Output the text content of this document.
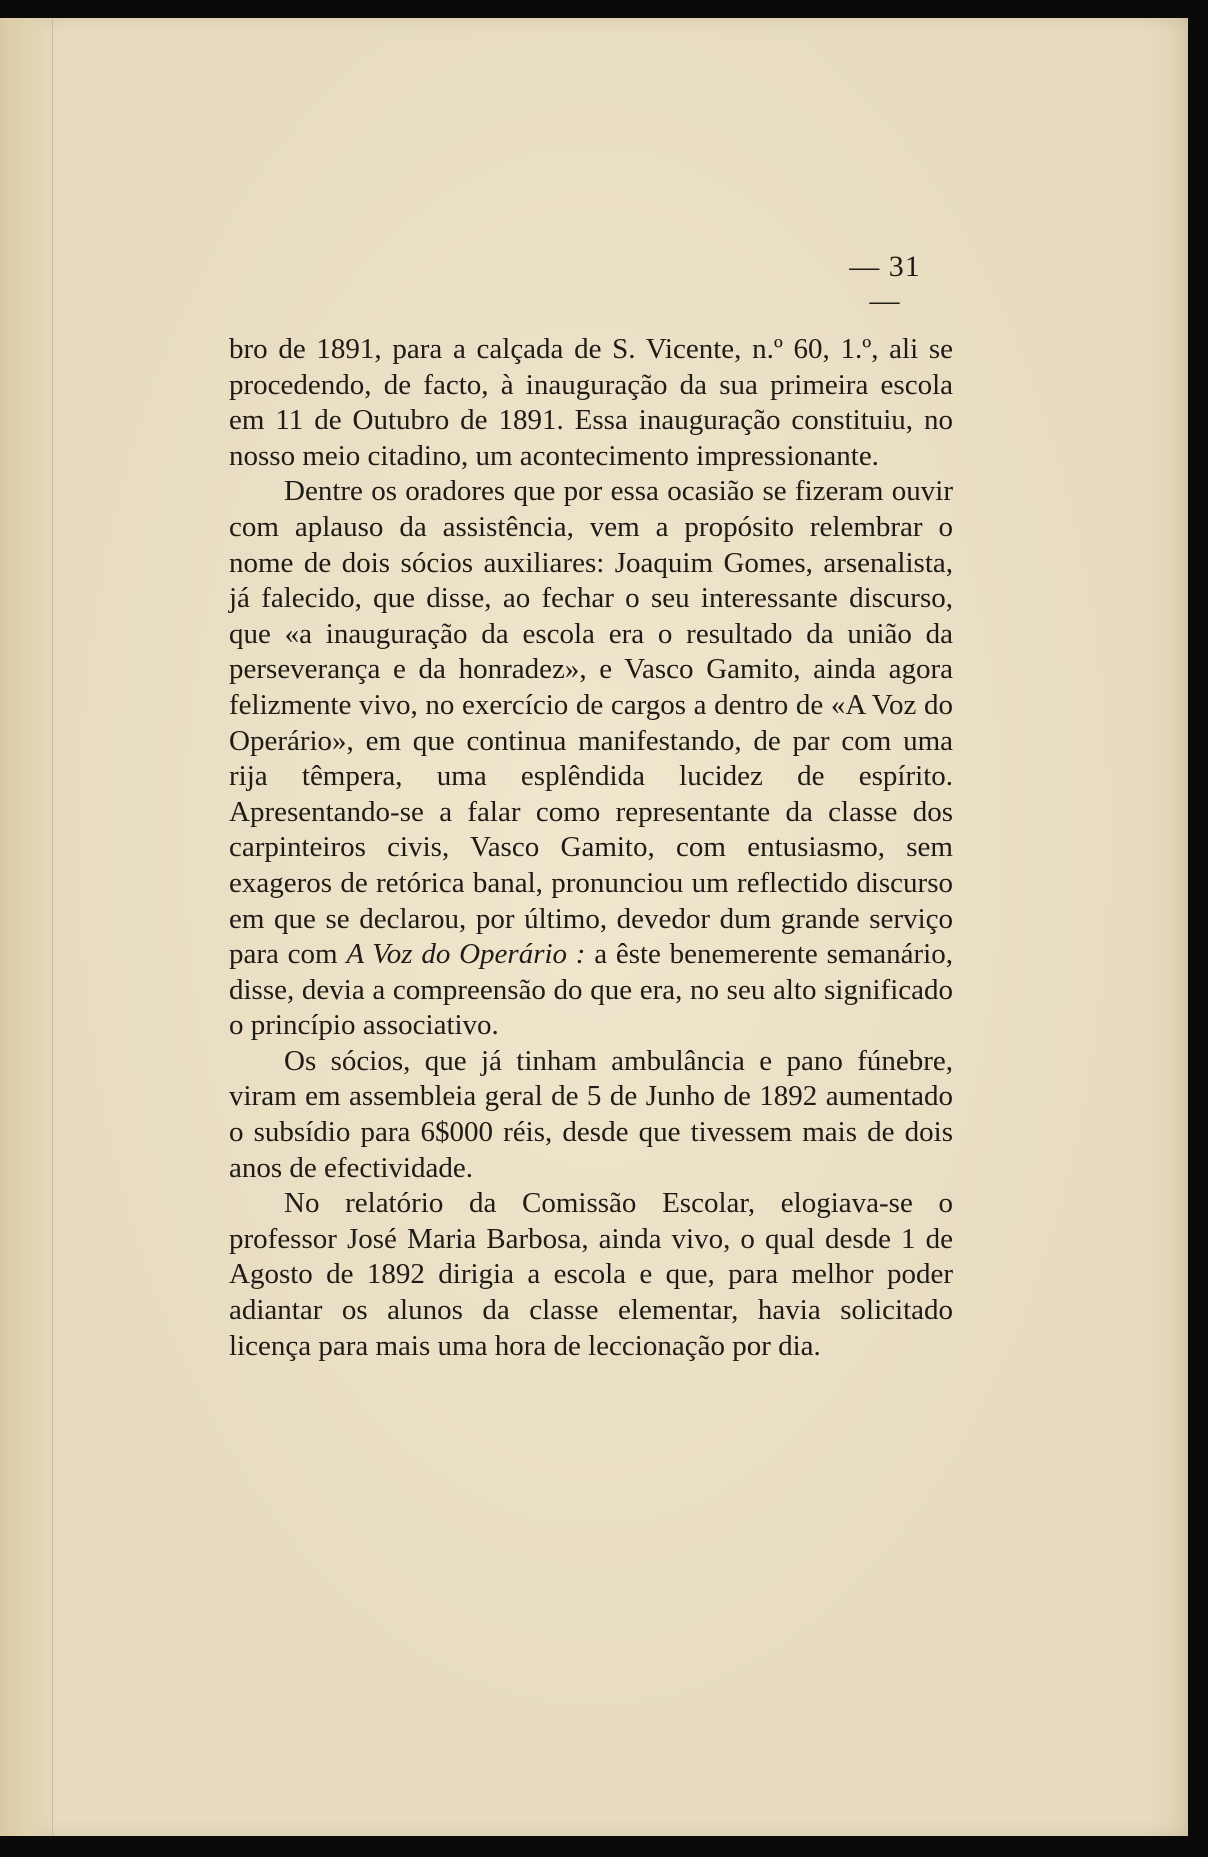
— 31 —

bro de 1891, para a calçada de S. Vicente, n.º 60, 1.º, ali se procedendo, de facto, à inauguração da sua primeira escola em 11 de Outubro de 1891. Essa inauguração constituiu, no nosso meio citadino, um acontecimento impressionante.

Dentre os oradores que por essa ocasião se fizeram ouvir com aplauso da assistência, vem a propósito relembrar o nome de dois sócios auxiliares: Joaquim Gomes, arsenalista, já falecido, que disse, ao fechar o seu interessante discurso, que «a inauguração da escola era o resultado da união da perseverança e da honradez», e Vasco Gamito, ainda agora felizmente vivo, no exercício de cargos a dentro de «A Voz do Operário», em que continua manifestando, de par com uma rija têmpera, uma esplêndida lucidez de espírito. Apresentando-se a falar como representante da classe dos carpinteiros civis, Vasco Gamito, com entusiasmo, sem exageros de retórica banal, pronunciou um reflectido discurso em que se declarou, por último, devedor dum grande serviço para com A Voz do Operário : a êste benemerente semanário, disse, devia a compreensão do que era, no seu alto significado o princípio associativo.

Os sócios, que já tinham ambulância e pano fúnebre, viram em assembleia geral de 5 de Junho de 1892 aumentado o subsídio para 6$000 réis, desde que tivessem mais de dois anos de efectividade.

No relatório da Comissão Escolar, elogiava-se o professor José Maria Barbosa, ainda vivo, o qual desde 1 de Agosto de 1892 dirigia a escola e que, para melhor poder adiantar os alunos da classe elementar, havia solicitado licença para mais uma hora de leccionação por dia.
